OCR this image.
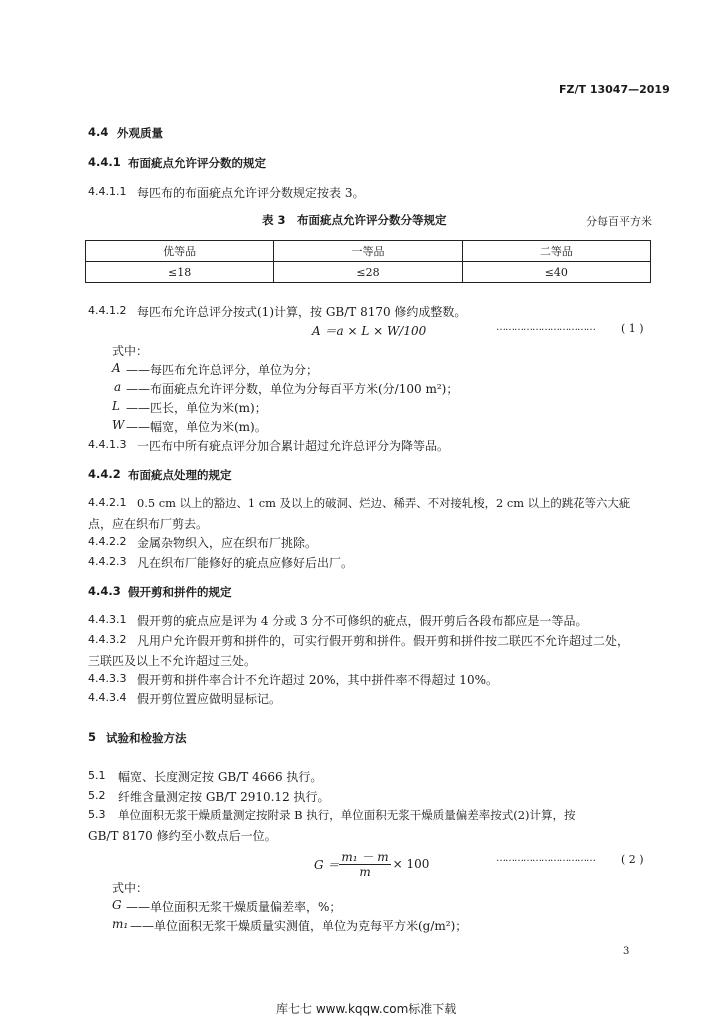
FZ/T 13047—2019
4.4 外观质量
4.4.1 布面疵点允许评分数的规定
4.4.1.1 每匹布的布面疵点允许评分数规定按表 3。
表 3　布面疵点允许评分数分等规定	分每百平方米
优等品	一等品	二等品
≤18	≤28	≤40
4.4.1.2 每匹布允许总评分按式(1)计算，按 GB/T 8170 修约成整数。
A ＝a × L × W/100	…………………………… ( 1 )
式中：
A ——每匹布允许总评分，单位为分；
a ——布面疵点允许评分数，单位为分每百平方米(分/100 m²)；
L ——匹长，单位为米(m)；
W ——幅宽，单位为米(m)。
4.4.1.3 一匹布中所有疵点评分加合累计超过允许总评分为降等品。
4.4.2 布面疵点处理的规定
4.4.2.1 0.5 cm 以上的豁边、1 cm 及以上的破洞、烂边、稀弄、不对接轧梭，2 cm 以上的跳花等六大疵
点，应在织布厂剪去。
4.4.2.2 金属杂物织入，应在织布厂挑除。
4.4.2.3 凡在织布厂能修好的疵点应修好后出厂。
4.4.3 假开剪和拼件的规定
4.4.3.1 假开剪的疵点应是评为 4 分或 3 分不可修织的疵点，假开剪后各段布都应是一等品。
4.4.3.2 凡用户允许假开剪和拼件的，可实行假开剪和拼件。假开剪和拼件按二联匹不允许超过二处，
三联匹及以上不允许超过三处。
4.4.3.3 假开剪和拼件率合计不允许超过 20%，其中拼件率不得超过 10%。
4.4.3.4 假开剪位置应做明显标记。
5 试验和检验方法
5.1 幅宽、长度测定按 GB/T 4666 执行。
5.2 纤维含量测定按 GB/T 2910.12 执行。
5.3 单位面积无浆干燥质量测定按附录 B 执行，单位面积无浆干燥质量偏差率按式(2)计算，按
GB/T 8170 修约至小数点后一位。
$G = \frac{\text{m₁ － m}}{m} \times 100$	…………………………… ( 2 )
式中：
G ——单位面积无浆干燥质量偏差率，%；
m₁ ——单位面积无浆干燥质量实测值，单位为克每平方米(g/m²)；
3
库七七 www.kqqw.com标准下载
